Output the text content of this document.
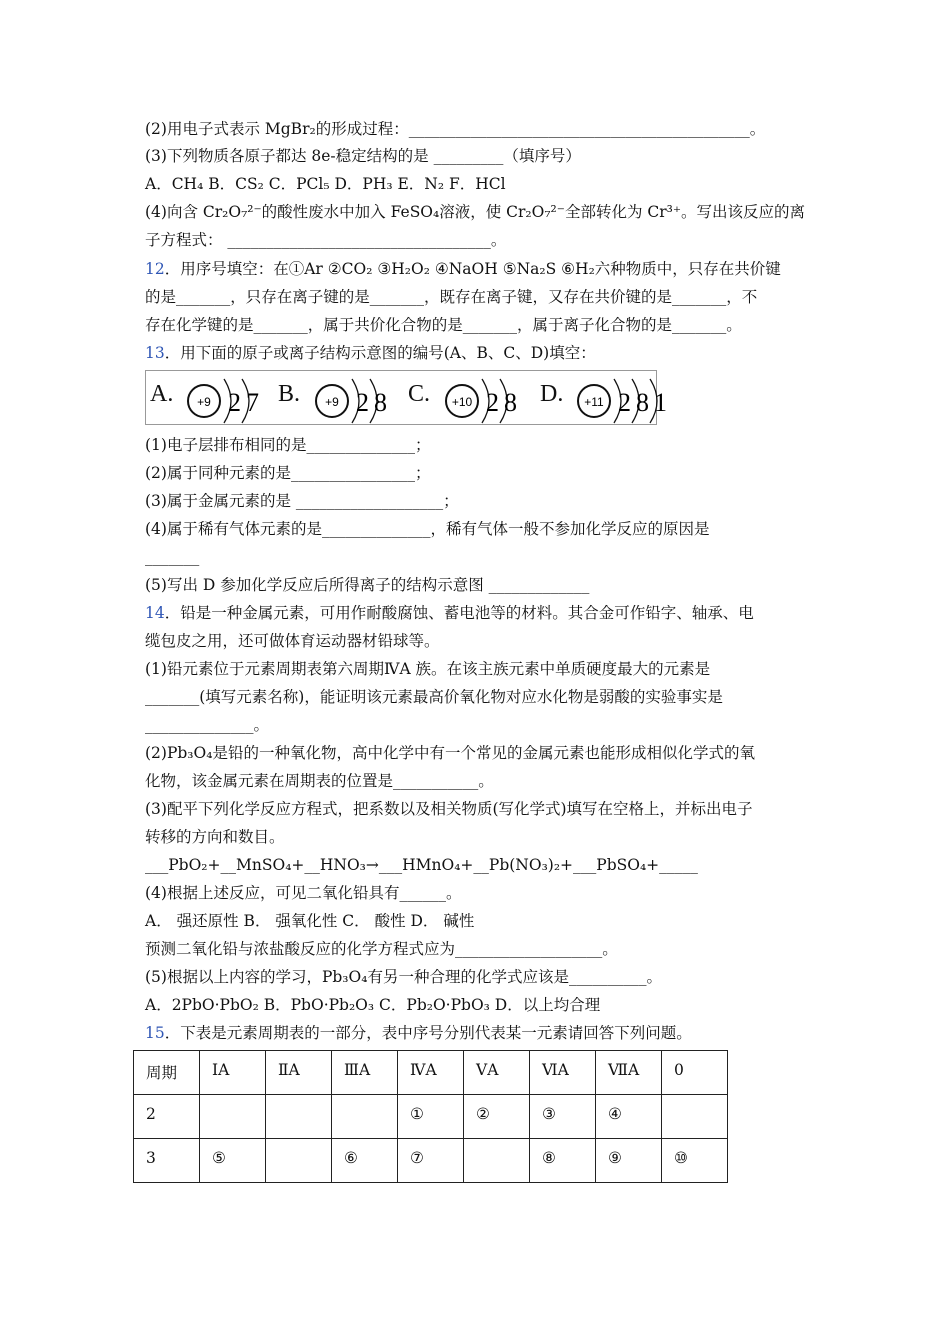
(2)用电子式表示 MgBr₂的形成过程：____________________________________________。
(3)下列物质各原子都达 8e-稳定结构的是 _________（填序号）
A．CH₄ B．CS₂ C．PCl₅ D．PH₃ E．N₂ F．HCl
(4)向含 Cr₂O₇²⁻的酸性废水中加入 FeSO₄溶液，使 Cr₂O₇²⁻全部转化为 Cr³⁺。写出该反应的离
子方程式： __________________________________。
12．用序号填空：在①Ar ②CO₂ ③H₂O₂ ④NaOH ⑤Na₂S ⑥H₂六种物质中，只存在共价键
的是_______，只存在离子键的是_______，既存在离子键，又存在共价键的是_______，不
存在化学键的是_______，属于共价化合物的是_______，属于离子化合物的是_______。
13．用下面的原子或离子结构示意图的编号(A、B、C、D)填空：
(1)电子层排布相同的是______________；
(2)属于同种元素的是________________；
(3)属于金属元素的是 ___________________；
(4)属于稀有气体元素的是______________，稀有气体一般不参加化学反应的原因是
_______
(5)写出 D 参加化学反应后所得离子的结构示意图 _____________
14．铅是一种金属元素，可用作耐酸腐蚀、蓄电池等的材料。其合金可作铅字、轴承、电
缆包皮之用，还可做体育运动器材铅球等。
(1)铅元素位于元素周期表第六周期ⅣA 族。在该主族元素中单质硬度最大的元素是
_______(填写元素名称)，能证明该元素最高价氧化物对应水化物是弱酸的实验事实是
______________。
(2)Pb₃O₄是铅的一种氧化物，高中化学中有一个常见的金属元素也能形成相似化学式的氧
化物，该金属元素在周期表的位置是___________。
(3)配平下列化学反应方程式，把系数以及相关物质(写化学式)填写在空格上，并标出电子
转移的方向和数目。
___PbO₂+__MnSO₄+__HNO₃→___HMnO₄+__Pb(NO₃)₂+___PbSO₄+_____
(4)根据上述反应，可见二氧化铅具有______。
A． 强还原性 B． 强氧化性 C． 酸性 D． 碱性
预测二氧化铅与浓盐酸反应的化学方程式应为___________________。
(5)根据以上内容的学习，Pb₃O₄有另一种合理的化学式应该是__________。
A．2PbO·PbO₂ B．PbO·Pb₂O₃ C．Pb₂O·PbO₃ D．以上均合理
15．下表是元素周期表的一部分，表中序号分别代表某一元素请回答下列问题。
A. +9 2 7 B. +9 2 8 C. +10 2 8 D. +11 2 8 1
周期	ⅠA	ⅡA	ⅢA	ⅣA	ⅤA	ⅥA	ⅦA	0
2				①	②	③	④	
3	⑤		⑥	⑦		⑧	⑨	⑩
